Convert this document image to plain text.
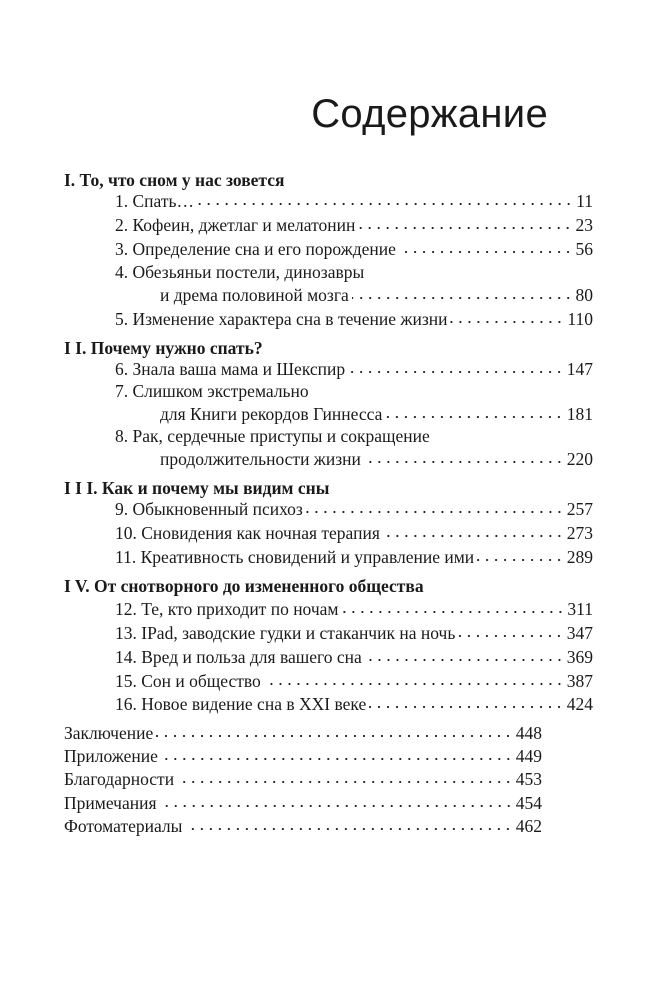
Содержание
I. То, что сном у нас зовется
1. Спать…	11
2. Кофеин, джетлаг и мелатонин	23
3. Определение сна и его порождение	56
4. Обезьяньи постели, динозавры
и дрема половиной мозга	80
5. Изменение характера сна в течение жизни	110
I I. Почему нужно спать?
6. Знала ваша мама и Шекспир	147
7. Слишком экстремально
для Книги рекордов Гиннесса	181
8. Рак, сердечные приступы и сокращение
продолжительности жизни	220
I I I. Как и почему мы видим сны
9. Обыкновенный психоз	257
10. Сновидения как ночная терапия	273
11. Креативность сновидений и управление ими	289
I V. От снотворного до измененного общества
12. Те, кто приходит по ночам	311
13. IPad, заводские гудки и стаканчик на ночь	347
14. Вред и польза для вашего сна	369
15. Сон и общество	387
16. Новое видение сна в XXI веке	424
Заключение	448
Приложение	449
Благодарности	453
Примечания	454
Фотоматериалы	462
